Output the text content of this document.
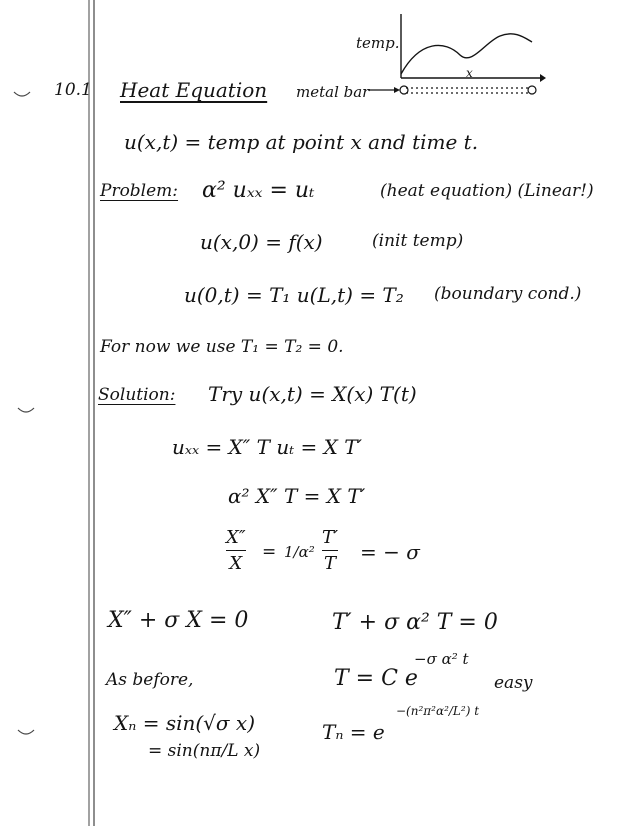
10.1 Heat Equation metal bar
temp.
x
u(x,t) = temp at point x and time t.
Problem: α² uₓₓ = uₜ	(heat equation) (Linear!)
u(x,0) = f(x)	(init temp)
u(0,t) = T₁ u(L,t) = T₂ (boundary cond.)
For now we use T₁ = T₂ = 0.
Solution: Try u(x,t) = X(x) T(t)
uₓₓ = X″ T uₜ = X T′
α² X″ T = X T′
X″
X
= 1/α²
T′
T = − σ
X″ + σ X = 0	T′ + σ α² T = 0
As before,	T = C e
−σ α² t
easy
Xₙ = sin(√σ x)
= sin(nπ/L x)
Tₙ = e
−(n²π²α²/L²) t
